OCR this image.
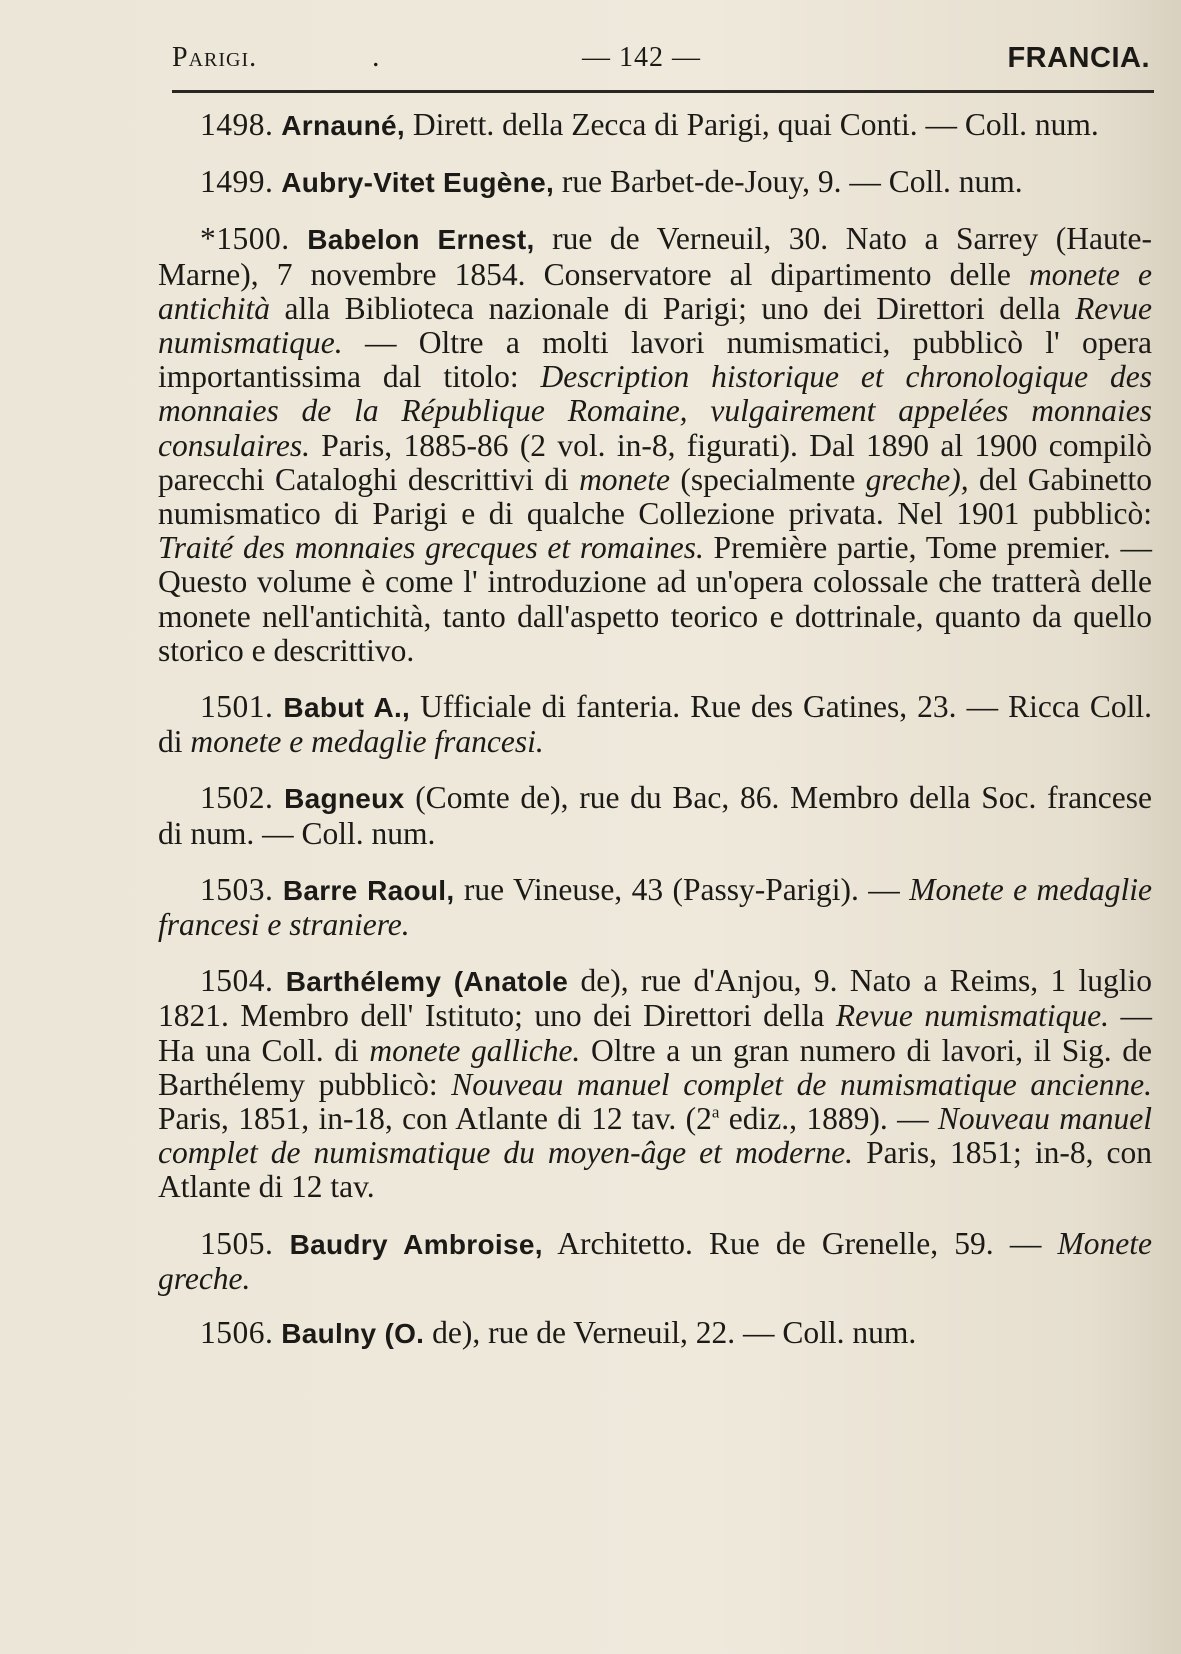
Parigi.	.	— 142 —	FRANCIA.

1498. Arnauné, Dirett. della Zecca di Parigi, quai Conti. — Coll. num.

1499. Aubry-Vitet Eugène, rue Barbet-de-Jouy, 9. — Coll. num.

*1500. Babelon Ernest, rue de Verneuil, 30. Nato a Sarrey (Haute-Marne), 7 novembre 1854. Conservatore al dipartimento delle monete e antichità alla Biblioteca nazionale di Parigi; uno dei Direttori della Revue numismatique. — Oltre a molti lavori numismatici, pubblicò l' opera importantissima dal titolo: Description historique et chronologique des monnaies de la République Romaine, vulgairement appelées monnaies consulaires. Paris, 1885-86 (2 vol. in-8, figurati). Dal 1890 al 1900 compilò parecchi Cataloghi descrittivi di monete (specialmente greche), del Gabinetto numismatico di Parigi e di qualche Collezione privata. Nel 1901 pubblicò: Traité des monnaies grecques et romaines. Première partie, Tome premier. — Questo volume è come l' introduzione ad un'opera colossale che tratterà delle monete nell'antichità, tanto dall'aspetto teorico e dottrinale, quanto da quello storico e descrittivo.

1501. Babut A., Ufficiale di fanteria. Rue des Gatines, 23. — Ricca Coll. di monete e medaglie francesi.

1502. Bagneux (Comte de), rue du Bac, 86. Membro della Soc. francese di num. — Coll. num.

1503. Barre Raoul, rue Vineuse, 43 (Passy-Parigi). — Monete e medaglie francesi e straniere.

1504. Barthélemy (Anatole de), rue d'Anjou, 9. Nato a Reims, 1 luglio 1821. Membro dell' Istituto; uno dei Direttori della Revue numismatique. — Ha una Coll. di monete galliche. Oltre a un gran numero di lavori, il Sig. de Barthélemy pubblicò: Nouveau manuel complet de numismatique ancienne. Paris, 1851, in-18, con Atlante di 12 tav. (2$^a$ ediz., 1889). — Nouveau manuel complet de numismatique du moyen-âge et moderne. Paris, 1851; in-8, con Atlante di 12 tav.

1505. Baudry Ambroise, Architetto. Rue de Grenelle, 59. — Monete greche.

1506. Baulny (O. de), rue de Verneuil, 22. — Coll. num.
